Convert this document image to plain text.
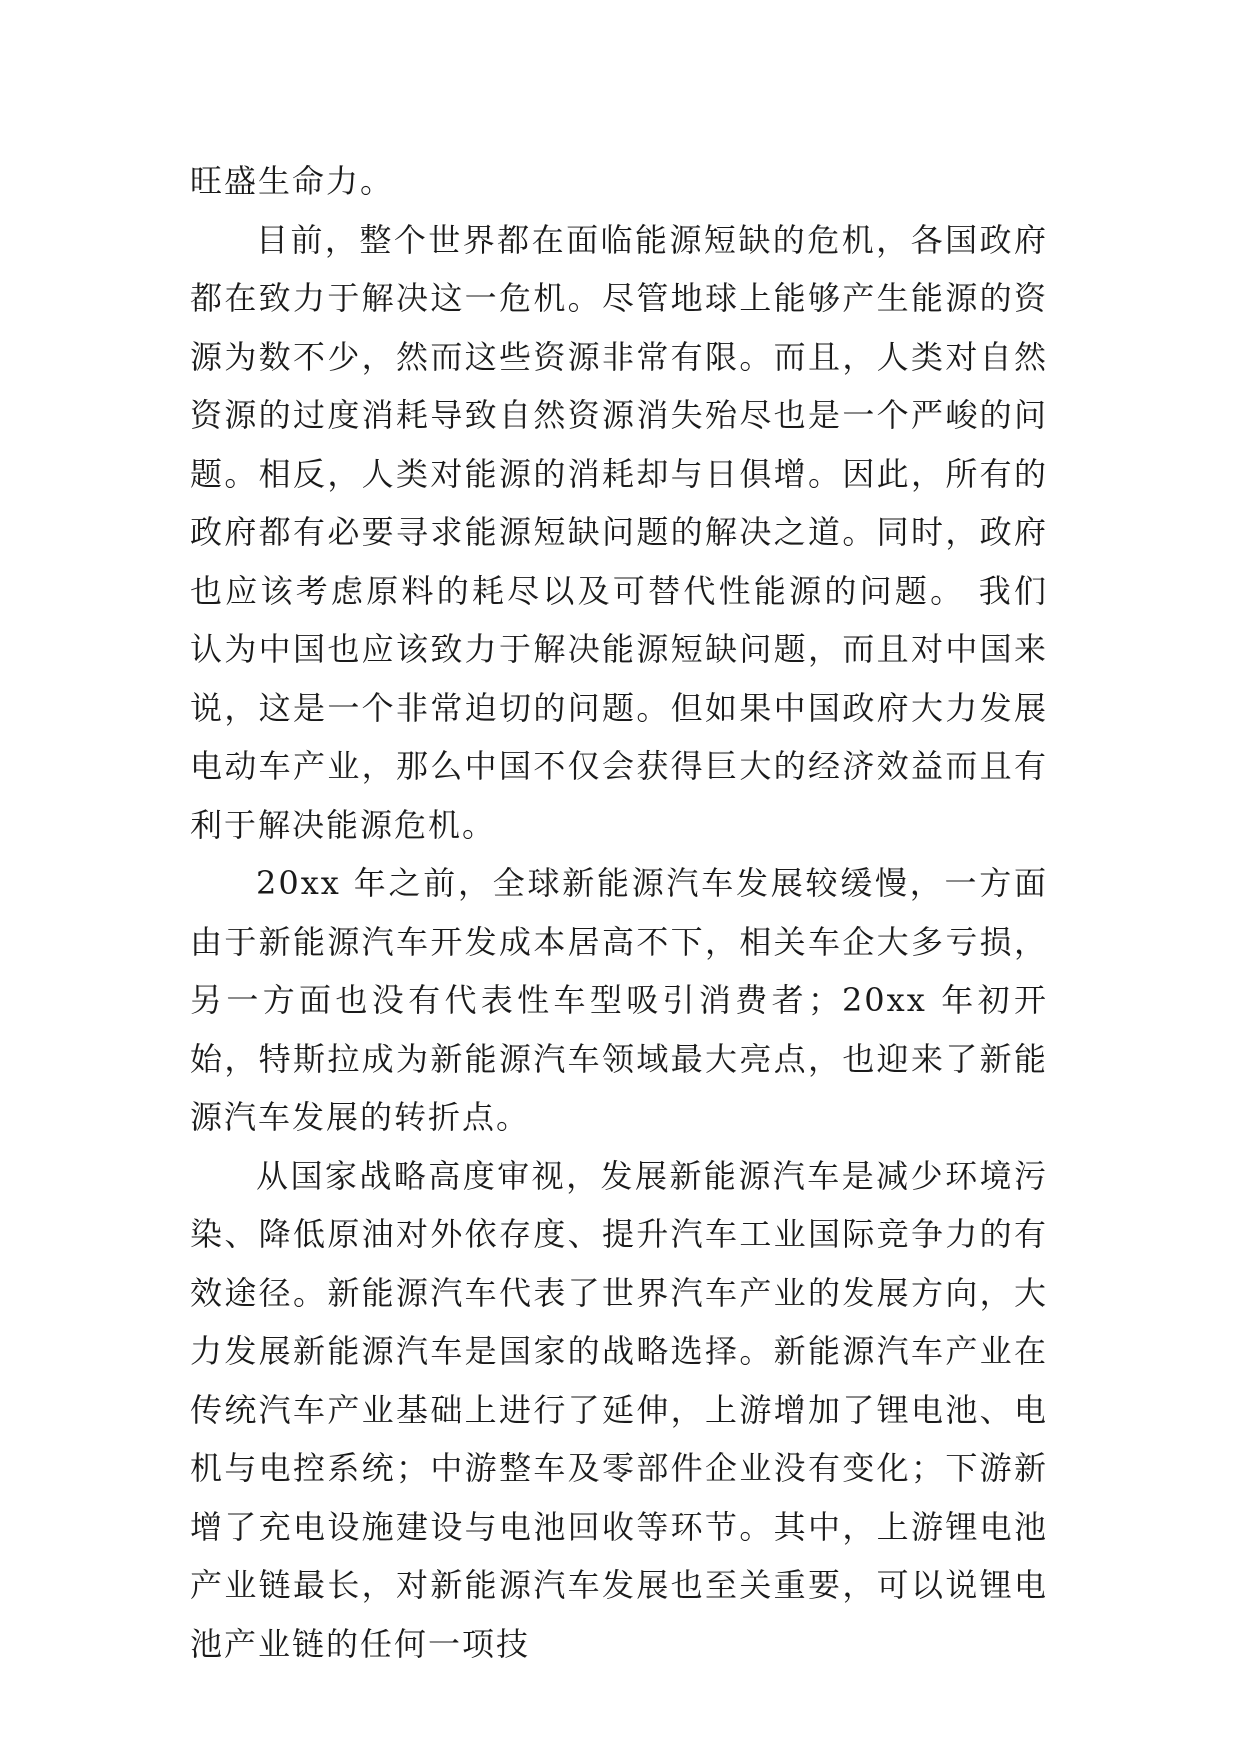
旺盛生命力。

目前，整个世界都在面临能源短缺的危机，各国政府都在致力于解决这一危机。尽管地球上能够产生能源的资源为数不少，然而这些资源非常有限。而且，人类对自然资源的过度消耗导致自然资源消失殆尽也是一个严峻的问题。相反，人类对能源的消耗却与日俱增。因此，所有的政府都有必要寻求能源短缺问题的解决之道。同时，政府也应该考虑原料的耗尽以及可替代性能源的问题。 我们认为中国也应该致力于解决能源短缺问题，而且对中国来说，这是一个非常迫切的问题。但如果中国政府大力发展电动车产业，那么中国不仅会获得巨大的经济效益而且有利于解决能源危机。

20xx 年之前，全球新能源汽车发展较缓慢，一方面由于新能源汽车开发成本居高不下，相关车企大多亏损，另一方面也没有代表性车型吸引消费者；20xx 年初开始，特斯拉成为新能源汽车领域最大亮点，也迎来了新能源汽车发展的转折点。

从国家战略高度审视，发展新能源汽车是减少环境污染、降低原油对外依存度、提升汽车工业国际竞争力的有效途径。新能源汽车代表了世界汽车产业的发展方向，大力发展新能源汽车是国家的战略选择。新能源汽车产业在传统汽车产业基础上进行了延伸，上游增加了锂电池、电机与电控系统；中游整车及零部件企业没有变化；下游新增了充电设施建设与电池回收等环节。其中，上游锂电池产业链最长，对新能源汽车发展也至关重要，可以说锂电池产业链的任何一项技
